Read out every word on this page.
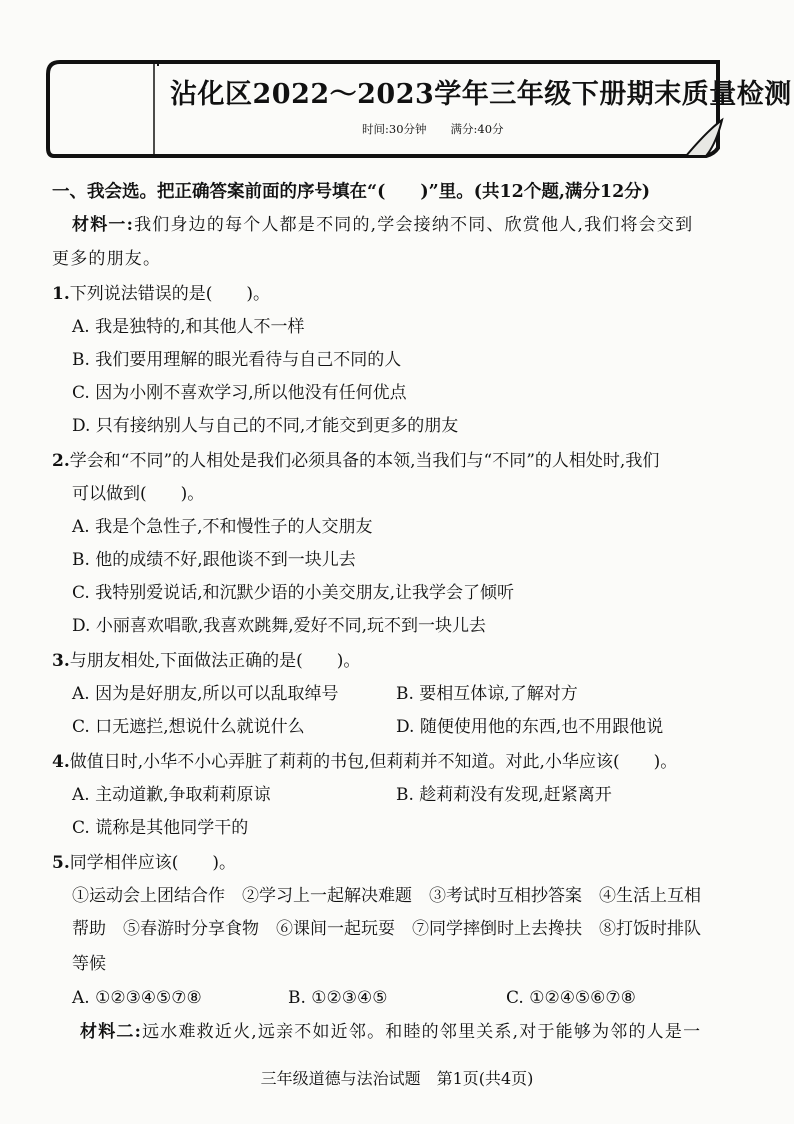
沾化区2022～2023学年三年级下册期末质量检测
时间:30分钟 满分:40分
一、我会选。把正确答案前面的序号填在“(　　)”里。(共12个题,满分12分)
材料一:我们身边的每个人都是不同的,学会接纳不同、欣赏他人,我们将会交到
更多的朋友。
1.下列说法错误的是(　　)。
A. 我是独特的,和其他人不一样
B. 我们要用理解的眼光看待与自己不同的人
C. 因为小刚不喜欢学习,所以他没有任何优点
D. 只有接纳别人与自己的不同,才能交到更多的朋友
2.学会和“不同”的人相处是我们必须具备的本领,当我们与“不同”的人相处时,我们
可以做到(　　)。
A. 我是个急性子,不和慢性子的人交朋友
B. 他的成绩不好,跟他谈不到一块儿去
C. 我特别爱说话,和沉默少语的小美交朋友,让我学会了倾听
D. 小丽喜欢唱歌,我喜欢跳舞,爱好不同,玩不到一块儿去
3.与朋友相处,下面做法正确的是(　　)。
A. 因为是好朋友,所以可以乱取绰号	B. 要相互体谅,了解对方
C. 口无遮拦,想说什么就说什么	D. 随便使用他的东西,也不用跟他说
4.做值日时,小华不小心弄脏了莉莉的书包,但莉莉并不知道。对此,小华应该(　　)。
A. 主动道歉,争取莉莉原谅	B. 趁莉莉没有发现,赶紧离开
C. 谎称是其他同学干的
5.同学相伴应该(　　)。
①运动会上团结合作　②学习上一起解决难题　③考试时互相抄答案　④生活上互相
帮助　⑤春游时分享食物　⑥课间一起玩耍　⑦同学摔倒时上去搀扶　⑧打饭时排队
等候
A. ①②③④⑤⑦⑧	B. ①②③④⑤	C. ①②④⑤⑥⑦⑧
材料二:远水难救近火,远亲不如近邻。和睦的邻里关系,对于能够为邻的人是一
三年级道德与法治试题　第1页(共4页)
